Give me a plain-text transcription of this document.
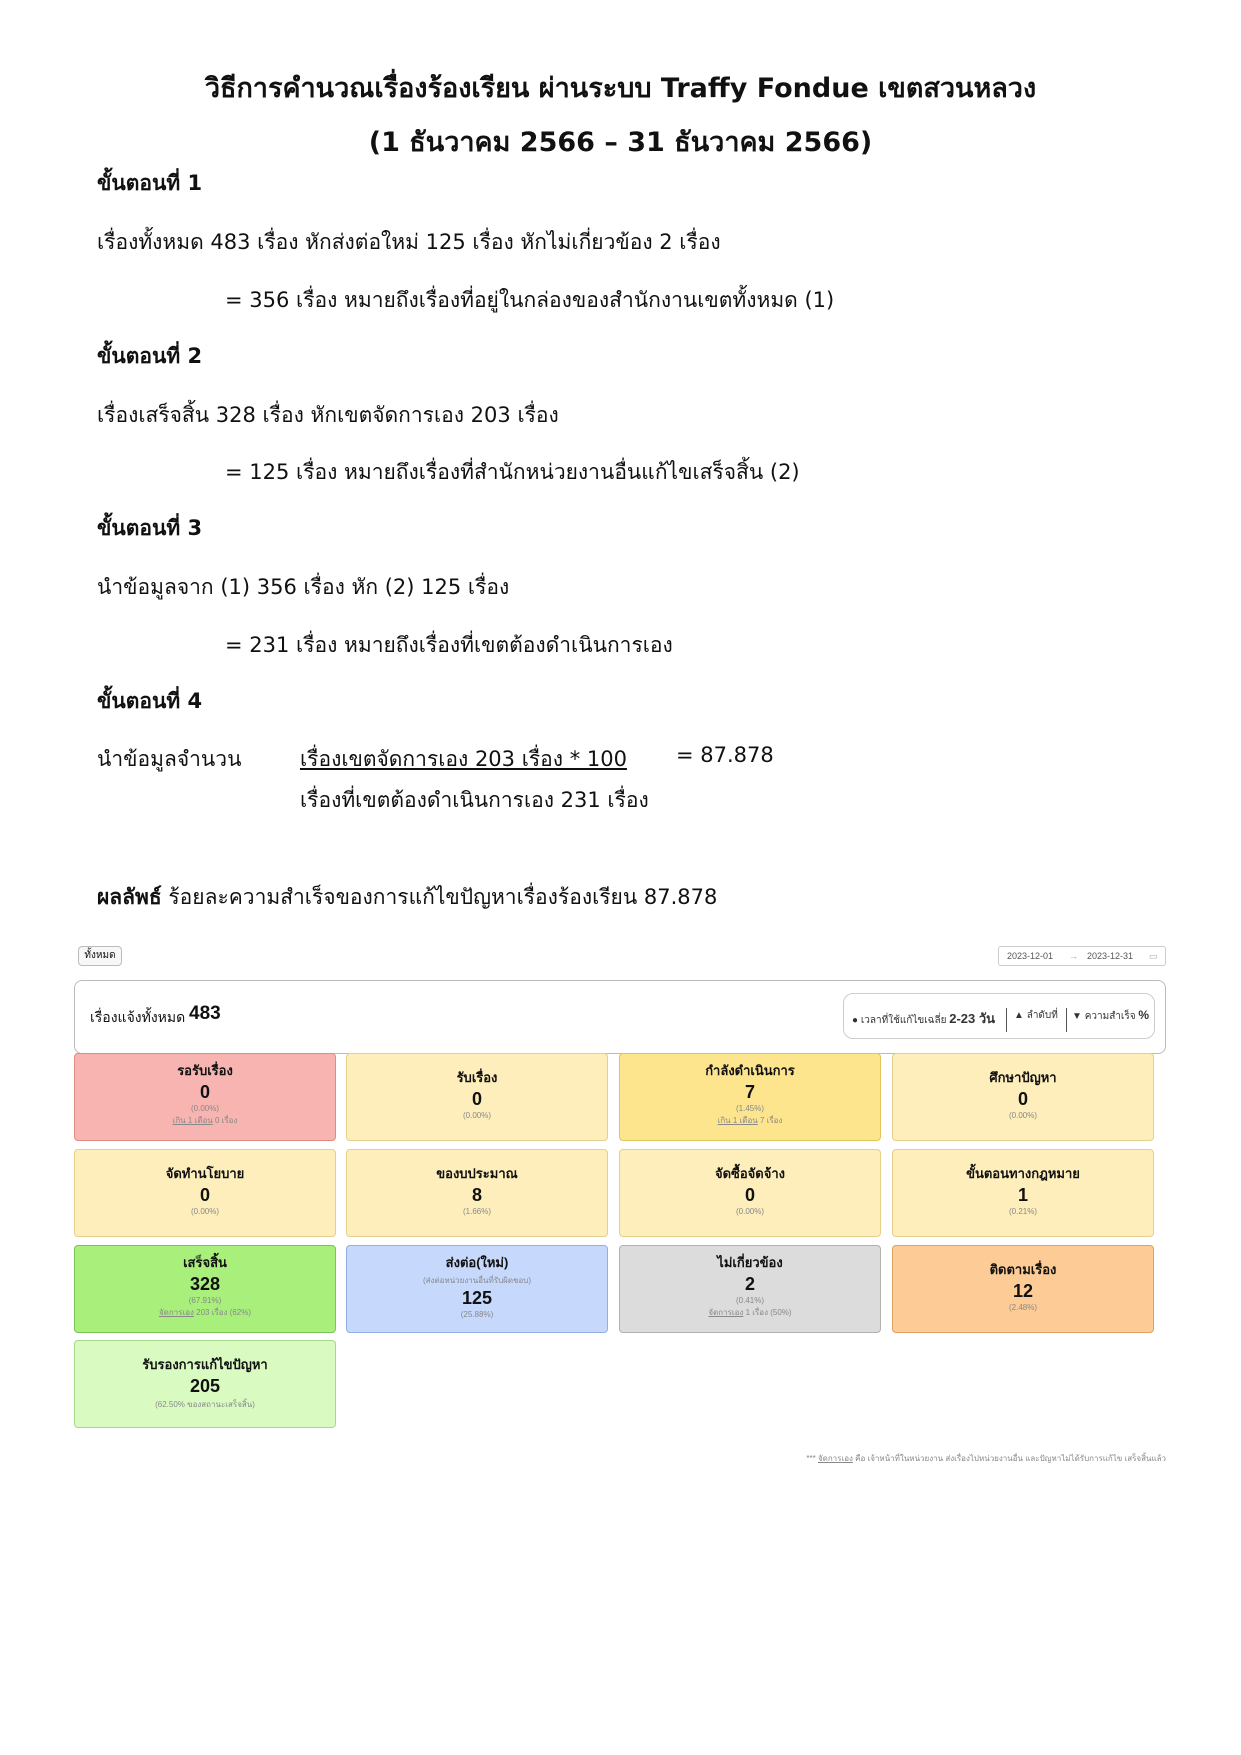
วิธีการคำนวณเรื่องร้องเรียน ผ่านระบบ Traffy Fondue เขตสวนหลวง
(1 ธันวาคม 2566 – 31 ธันวาคม 2566)
ขั้นตอนที่ 1
เรื่องทั้งหมด 483 เรื่อง หักส่งต่อใหม่ 125 เรื่อง หักไม่เกี่ยวข้อง 2 เรื่อง
= 356 เรื่อง หมายถึงเรื่องที่อยู่ในกล่องของสำนักงานเขตทั้งหมด (1)
ขั้นตอนที่ 2
เรื่องเสร็จสิ้น 328 เรื่อง หักเขตจัดการเอง 203 เรื่อง
= 125 เรื่อง หมายถึงเรื่องที่สำนักหน่วยงานอื่นแก้ไขเสร็จสิ้น (2)
ขั้นตอนที่ 3
นำข้อมูลจาก (1) 356 เรื่อง หัก (2) 125 เรื่อง
= 231 เรื่อง หมายถึงเรื่องที่เขตต้องดำเนินการเอง
ขั้นตอนที่ 4
นำข้อมูลจำนวน	เรื่องเขตจัดการเอง 203 เรื่อง * 100 = 87.878
เรื่องที่เขตต้องดำเนินการเอง 231 เรื่อง
ผลลัพธ์ ร้อยละความสำเร็จของการแก้ไขปัญหาเรื่องร้องเรียน 87.878
ทั้งหมด	2023-12-01 → 2023-12-31 ▭
เรื่องแจ้งทั้งหมด 483	● เวลาที่ใช้แก้ไขเฉลี่ย 2-23 วัน ▲ ลำดับที่ ▼ ความสำเร็จ %
รอรับเรื่อง
0
(0.00%)
เกิน 1 เดือน 0 เรื่อง
รับเรื่อง
0
(0.00%)
กำลังดำเนินการ
7
(1.45%)
เกิน 1 เดือน 7 เรื่อง
ศึกษาปัญหา
0
(0.00%)
จัดทำนโยบาย
0
(0.00%)
ของบประมาณ
8
(1.66%)
จัดซื้อจัดจ้าง
0
(0.00%)
ขั้นตอนทางกฎหมาย
1
(0.21%)
เสร็จสิ้น
328
(67.91%)
จัดการเอง 203 เรื่อง (62%)
ส่งต่อ(ใหม่)
(ส่งต่อหน่วยงานอื่นที่รับผิดชอบ)
125
(25.88%)
ไม่เกี่ยวข้อง
2
(0.41%)
จัดการเอง 1 เรื่อง (50%)
ติดตามเรื่อง
12
(2.48%)
รับรองการแก้ไขปัญหา
205
(62.50% ของสถานะเสร็จสิ้น)
*** จัดการเอง คือ เจ้าหน้าที่ในหน่วยงาน ส่งเรื่องไปหน่วยงานอื่น และปัญหาไม่ได้รับการแก้ไข เสร็จสิ้นแล้ว
